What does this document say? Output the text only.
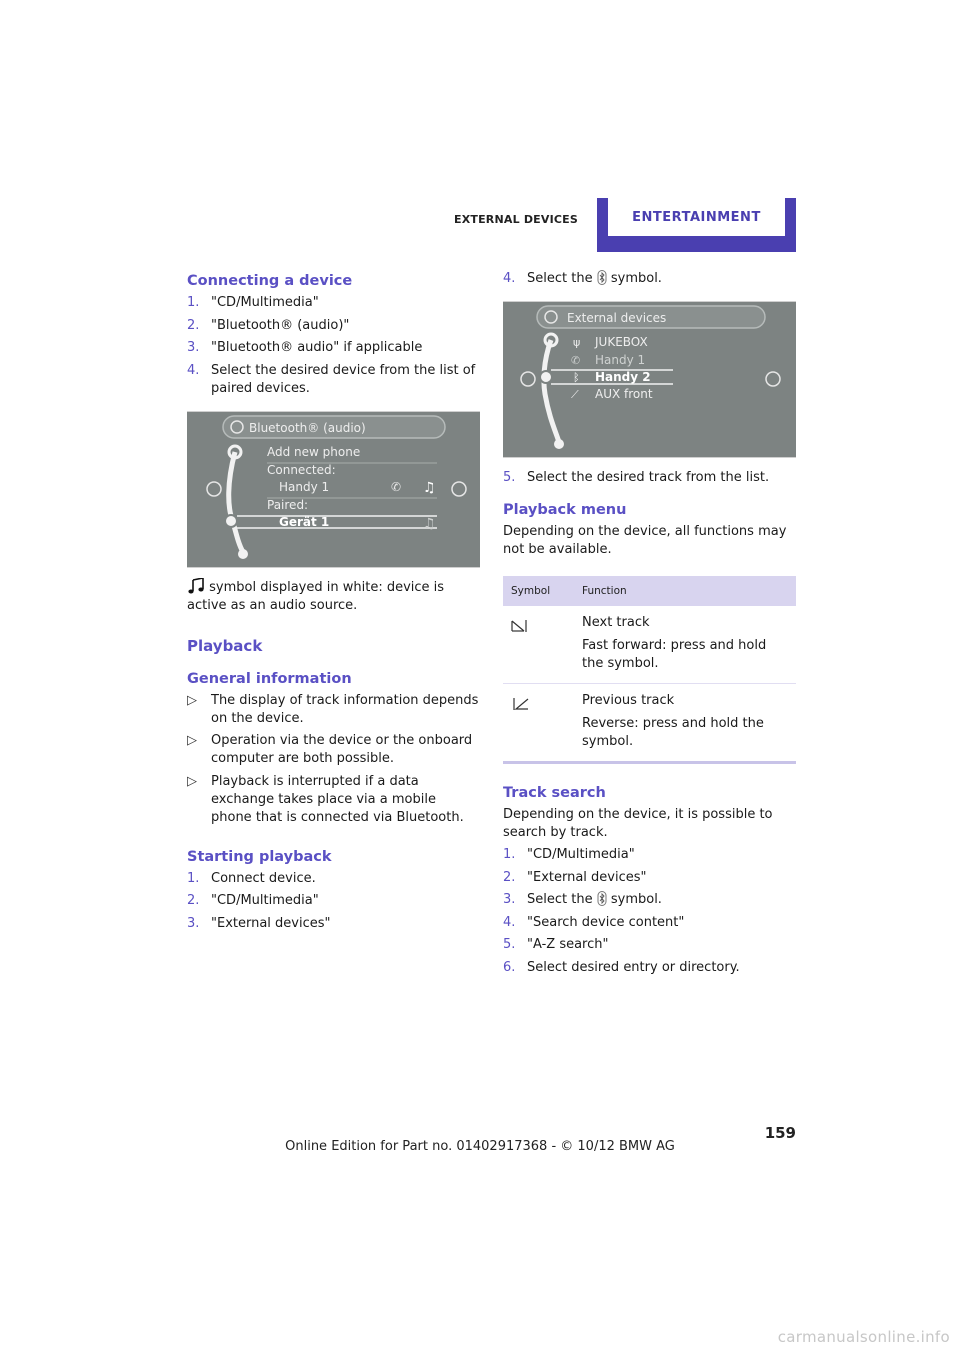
EXTERNAL DEVICES	ENTERTAINMENT
Connecting a device
1. "CD/Multimedia"
2. "Bluetooth® (audio)"
3. "Bluetooth® audio" if applicable
4. Select the desired device from the list of paired devices.
Bluetooth® (audio)
Add new phone
Connected:
Handy 1
Paired:
Gerät 1
✆ ♫
♫

symbol displayed in white: device is active as an audio source.

Playback
General information
▷ The display of track information depends on the device.
▷ Operation via the device or the onboard computer are both possible.
▷ Playback is interrupted if a data exchange takes place via a mobile phone that is connected via Bluetooth.
Starting playback
1. Connect device.
2. "CD/Multimedia"
3. "External devices"
4. Select the symbol.
External devices
ψ JUKEBOX
✆ Handy 1
ᛒ Handy 2
⟋ AUX front
5. Select the desired track from the list.
Playback menu

Depending on the device, all functions may not be available.

Symbol	Function

Next track

Fast forward: press and hold the symbol.

Previous track

Reverse: press and hold the symbol.

Track search

Depending on the device, it is possible to search by track.

1. "CD/Multimedia"
2. "External devices"
3. Select the symbol.
4. "Search device content"
5. "A-Z search"
6. Select desired entry or directory.
159
Online Edition for Part no. 01402917368 - © 10/12 BMW AG
carmanualsonline.info
